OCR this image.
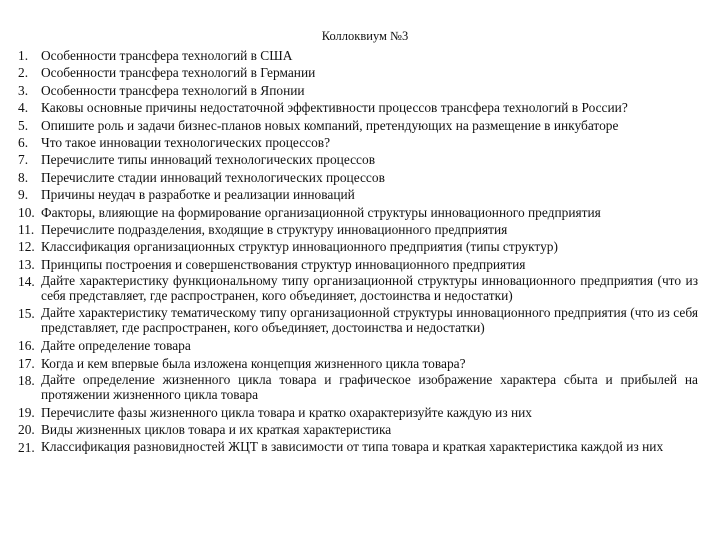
Коллоквиум №3
1. Особенности трансфера технологий в США
2. Особенности трансфера технологий в Германии
3. Особенности трансфера технологий в Японии
4. Каковы основные причины недостаточной эффективности процессов трансфера технологий в России?
5. Опишите роль и задачи бизнес-планов новых компаний, претендующих на размещение в инкубаторе
6. Что такое инновации технологических процессов?
7. Перечислите типы инноваций технологических процессов
8. Перечислите стадии инноваций технологических процессов
9. Причины неудач в разработке и реализации инноваций
10. Факторы, влияющие на формирование организационной структуры инновационного предприятия
11. Перечислите подразделения, входящие в структуру инновационного предприятия
12. Классификация организационных структур инновационного предприятия (типы структур)
13. Принципы построения и совершенствования структур инновационного предприятия
14. Дайте характеристику функциональному типу организационной структуры инновационного предприятия (что из себя представляет, где распространен, кого объединяет, достоинства и недостатки)
15. Дайте характеристику тематическому типу организационной структуры инновационного предприятия (что из себя представляет, где распространен, кого объединяет, достоинства и недостатки)
16. Дайте определение товара
17. Когда и кем впервые была изложена концепция жизненного цикла товара?
18. Дайте определение жизненного цикла товара и графическое изображение характера сбыта и прибылей на протяжении жизненного цикла товара
19. Перечислите фазы жизненного цикла товара и кратко охарактеризуйте каждую из них
20. Виды жизненных циклов товара и их краткая характеристика
21. Классификация разновидностей ЖЦТ в зависимости от типа товара и краткая характеристика каждой из них
